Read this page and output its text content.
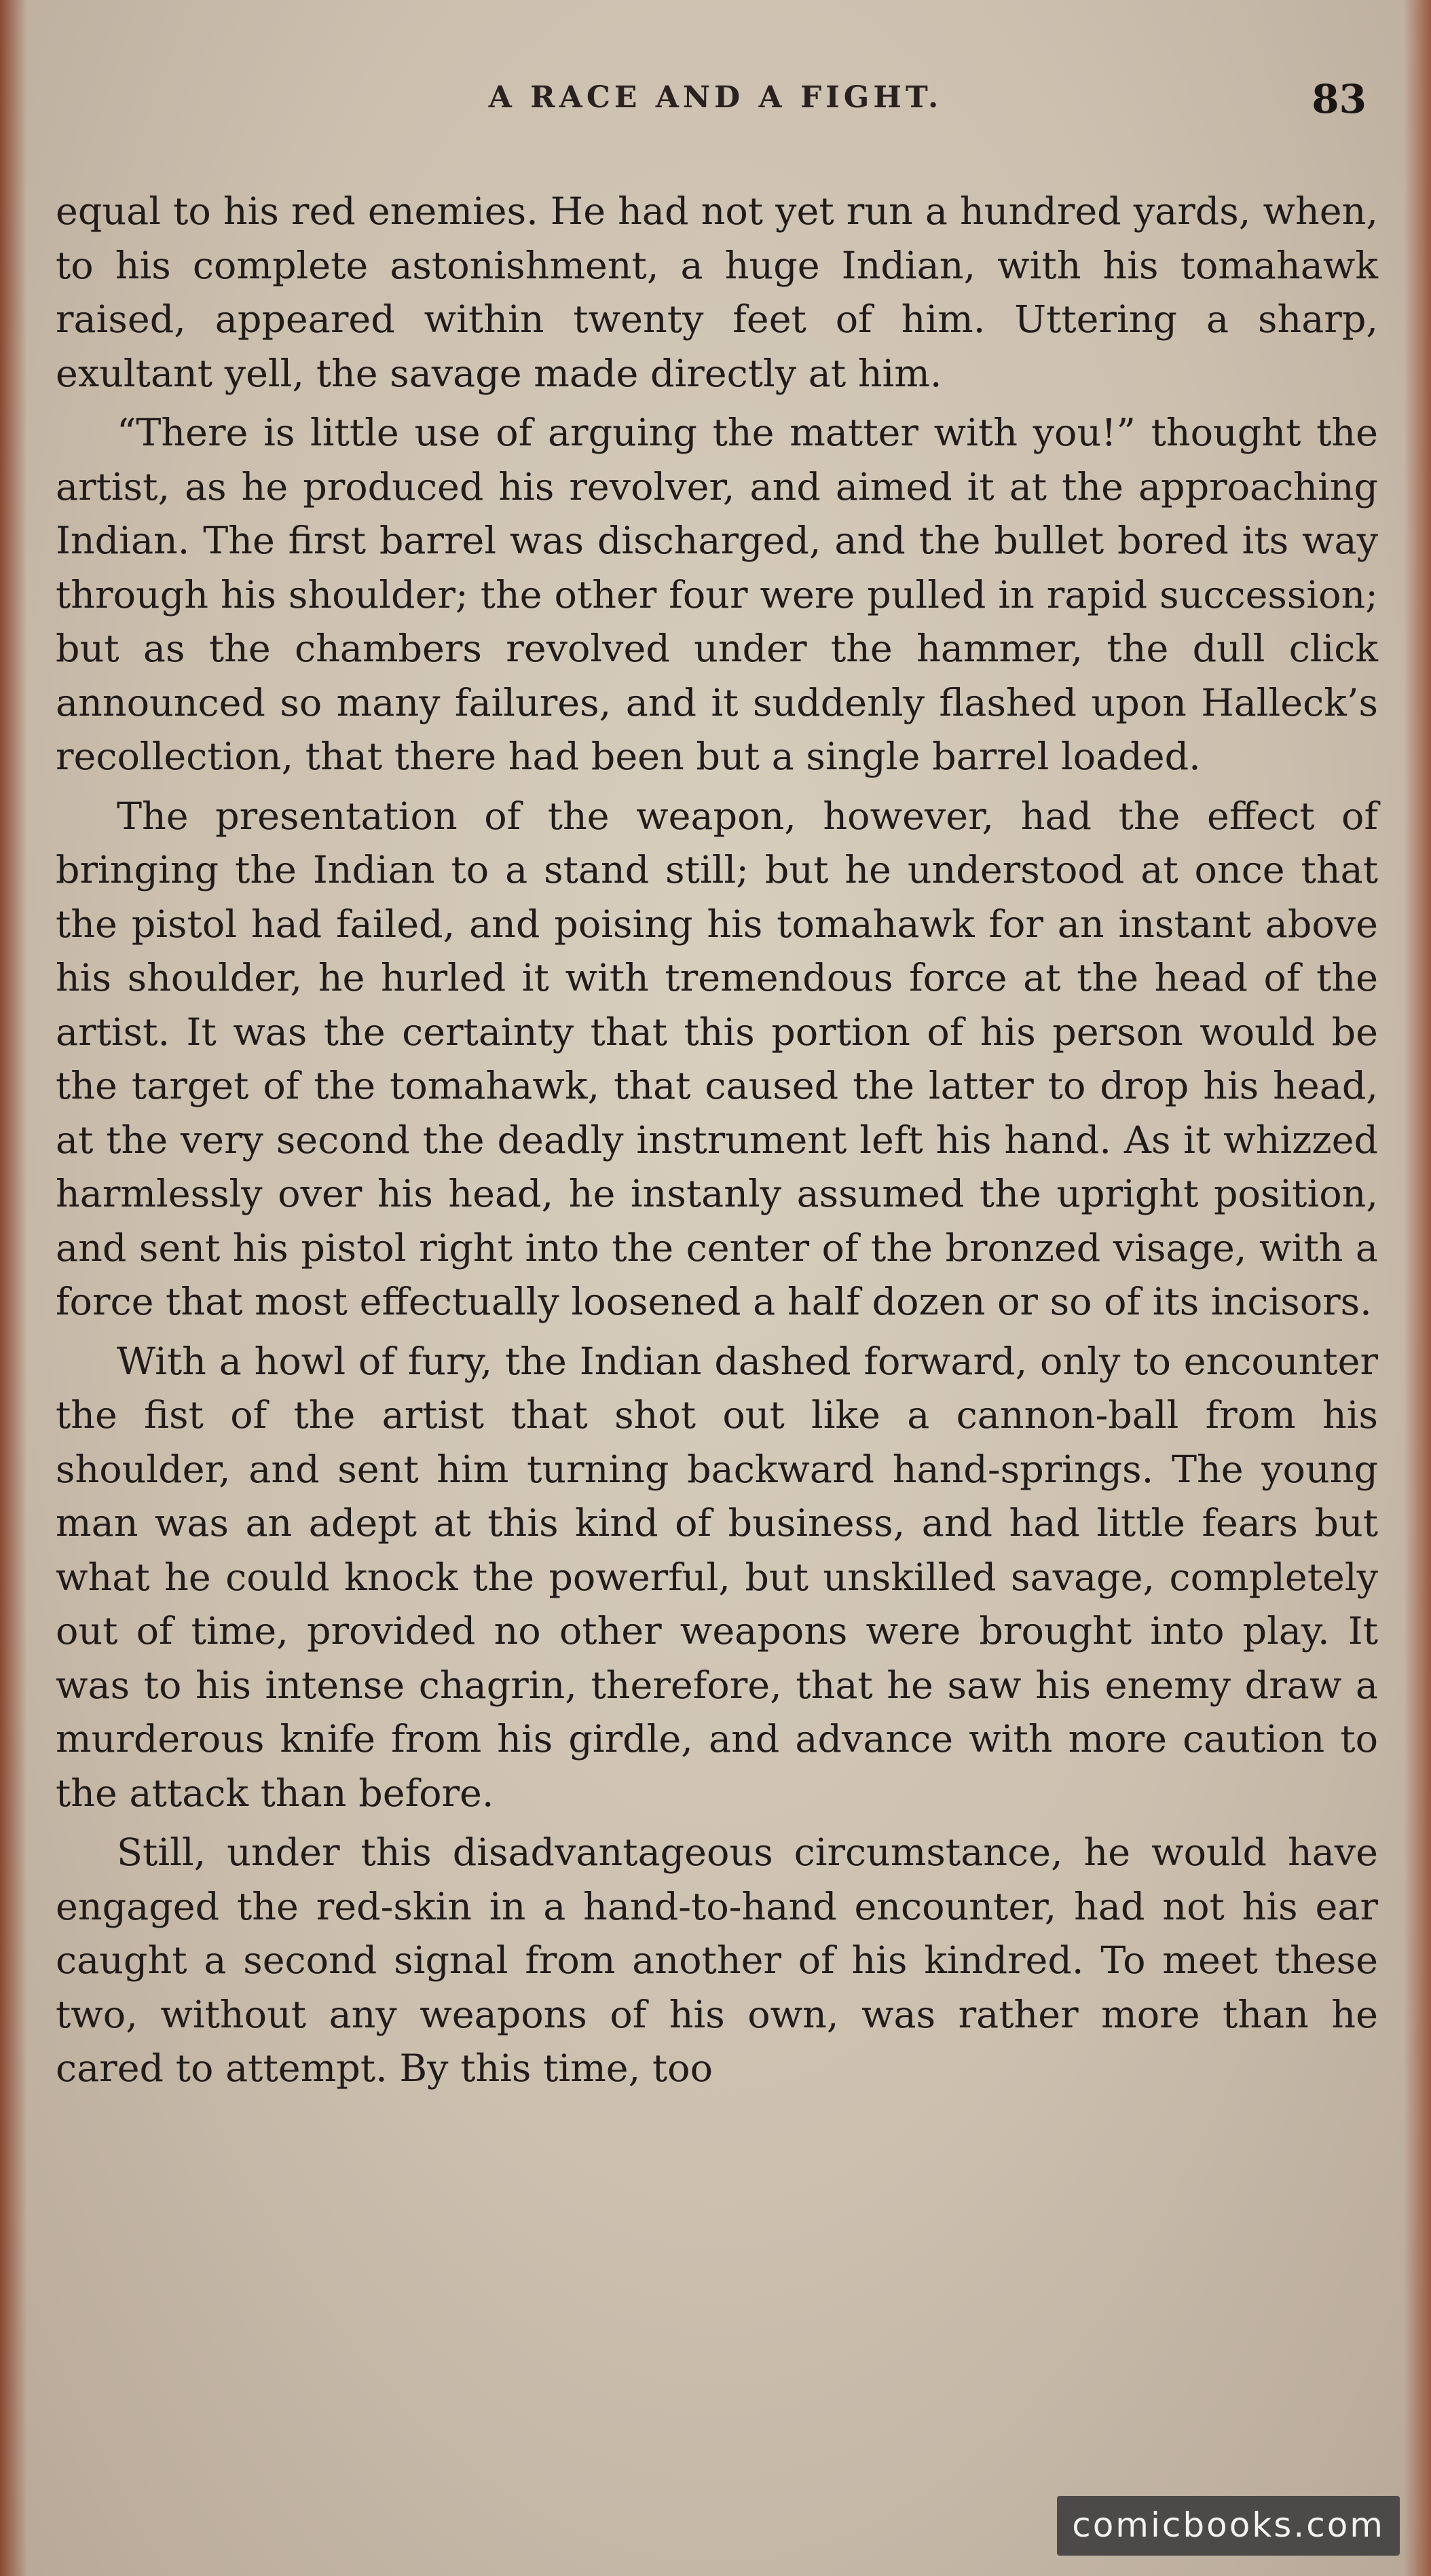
A RACE AND A FIGHT.	83

equal to his red enemies. He had not yet run a hundred yards, when, to his complete astonishment, a huge Indian, with his tomahawk raised, appeared within twenty feet of him. Uttering a sharp, exultant yell, the savage made directly at him.

“There is little use of arguing the matter with you!” thought the artist, as he produced his revolver, and aimed it at the approaching Indian. The first barrel was discharged, and the bullet bored its way through his shoulder; the other four were pulled in rapid succession; but as the chambers revolved under the hammer, the dull click announced so many failures, and it suddenly flashed upon Halleck’s recollection, that there had been but a single barrel loaded.

The presentation of the weapon, however, had the effect of bringing the Indian to a stand still; but he understood at once that the pistol had failed, and poising his tomahawk for an instant above his shoulder, he hurled it with tremendous force at the head of the artist. It was the certainty that this portion of his person would be the target of the tomahawk, that caused the latter to drop his head, at the very second the deadly instrument left his hand. As it whizzed harmlessly over his head, he instanly assumed the upright position, and sent his pistol right into the center of the bronzed visage, with a force that most effectually loosened a half dozen or so of its incisors.

With a howl of fury, the Indian dashed forward, only to encounter the fist of the artist that shot out like a cannon-ball from his shoulder, and sent him turning backward hand-springs. The young man was an adept at this kind of business, and had little fears but what he could knock the powerful, but unskilled savage, completely out of time, provided no other weapons were brought into play. It was to his intense chagrin, therefore, that he saw his enemy draw a murderous knife from his girdle, and advance with more caution to the attack than before.

Still, under this disadvantageous circumstance, he would have engaged the red-skin in a hand-to-hand encounter, had not his ear caught a second signal from another of his kindred. To meet these two, without any weapons of his own, was rather more than he cared to attempt. By this time, too

comicbooks.com
